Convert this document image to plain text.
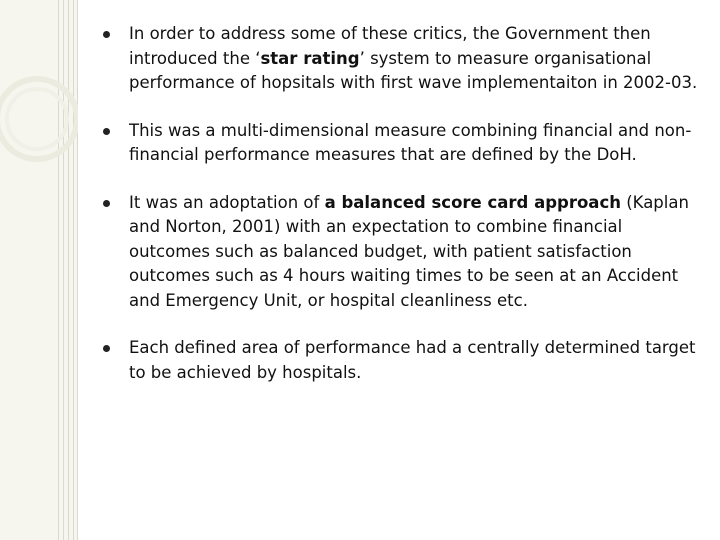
In order to address some of these critics, the Government then introduced the ‘star rating’ system to measure organisational performance of hopsitals with first wave implementaiton in 2002-03.

This was a multi-dimensional measure combining financial and non-financial performance measures that are defined by the DoH.

It was an adoptation of a balanced score card approach (Kaplan and Norton, 2001) with an expectation to combine financial outcomes such as balanced budget, with patient satisfaction outcomes such as 4 hours waiting times to be seen at an Accident and Emergency Unit, or hospital cleanliness etc.

Each defined area of performance had a centrally determined target to be achieved by hospitals.
